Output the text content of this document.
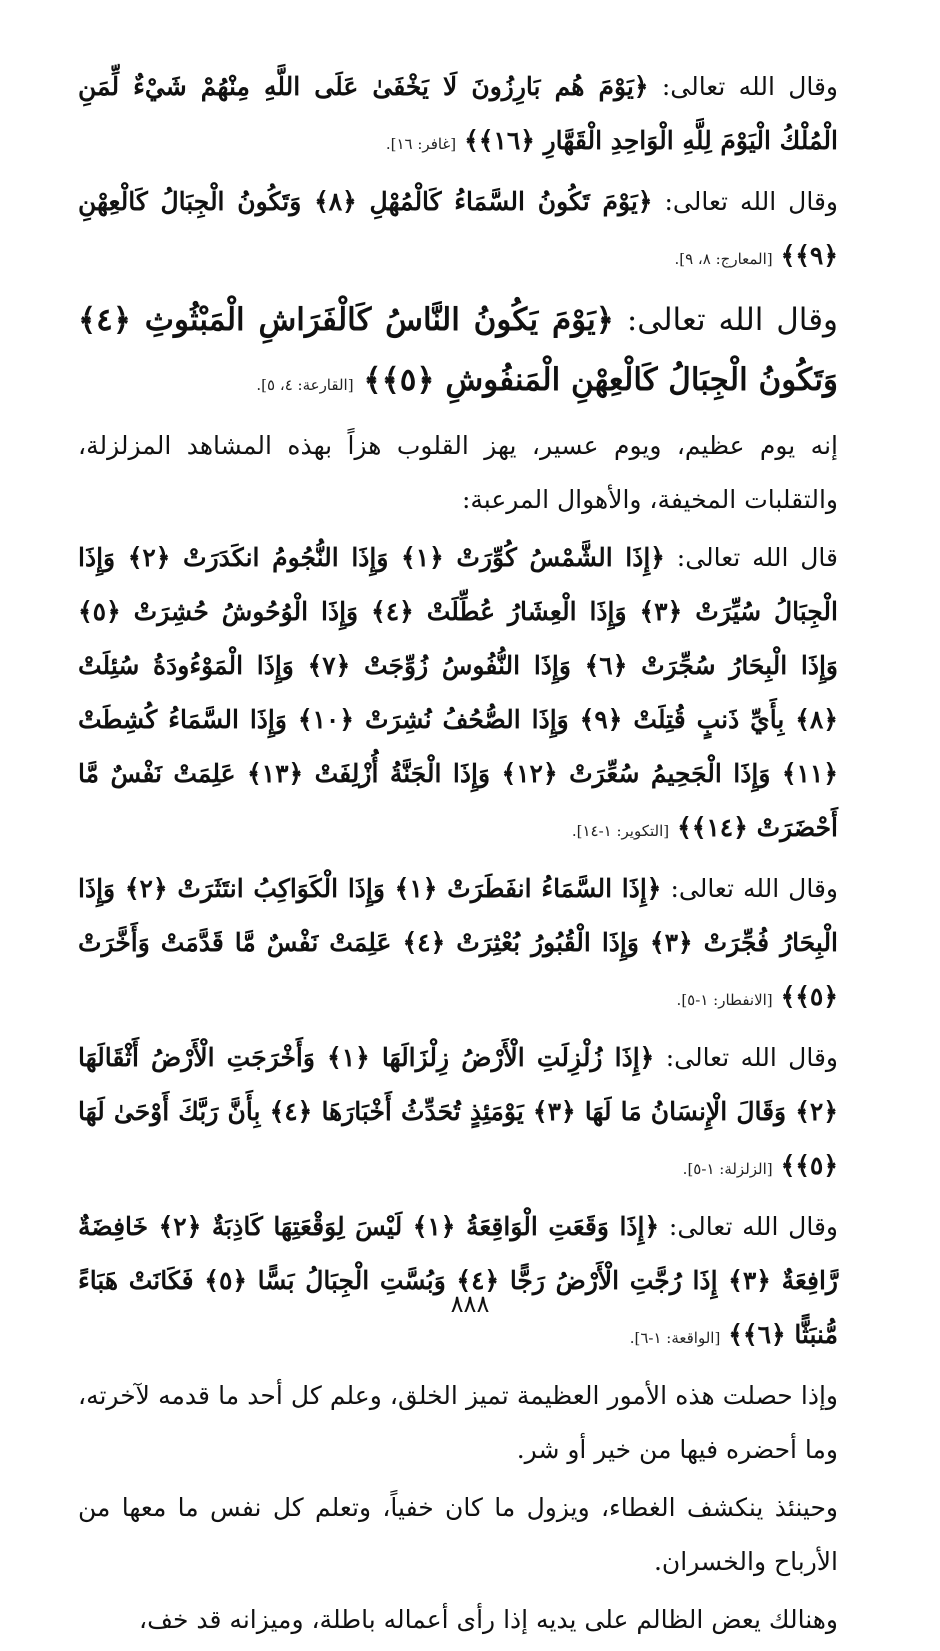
وقال الله تعالى: ﴿يَوْمَ هُم بَارِزُونَ لَا يَخْفَىٰ عَلَى اللَّهِ مِنْهُمْ شَيْءٌ لِّمَنِ الْمُلْكُ الْيَوْمَ لِلَّهِ الْوَاحِدِ الْقَهَّارِ ﴿١٦﴾﴾ [غافر: ١٦].

وقال الله تعالى: ﴿يَوْمَ تَكُونُ السَّمَاءُ كَالْمُهْلِ ﴿٨﴾ وَتَكُونُ الْجِبَالُ كَالْعِهْنِ ﴿٩﴾﴾ [المعارج: ٨، ٩].

وقال الله تعالى: ﴿يَوْمَ يَكُونُ النَّاسُ كَالْفَرَاشِ الْمَبْثُوثِ ﴿٤﴾ وَتَكُونُ الْجِبَالُ كَالْعِهْنِ الْمَنفُوشِ ﴿٥﴾﴾ [القارعة: ٤، ٥].

إنه يوم عظيم، ويوم عسير، يهز القلوب هزاً بهذه المشاهد المزلزلة، والتقلبات المخيفة، والأهوال المرعبة:

قال الله تعالى: ﴿إِذَا الشَّمْسُ كُوِّرَتْ ﴿١﴾ وَإِذَا النُّجُومُ انكَدَرَتْ ﴿٢﴾ وَإِذَا الْجِبَالُ سُيِّرَتْ ﴿٣﴾ وَإِذَا الْعِشَارُ عُطِّلَتْ ﴿٤﴾ وَإِذَا الْوُحُوشُ حُشِرَتْ ﴿٥﴾ وَإِذَا الْبِحَارُ سُجِّرَتْ ﴿٦﴾ وَإِذَا النُّفُوسُ زُوِّجَتْ ﴿٧﴾ وَإِذَا الْمَوْءُودَةُ سُئِلَتْ ﴿٨﴾ بِأَيِّ ذَنبٍ قُتِلَتْ ﴿٩﴾ وَإِذَا الصُّحُفُ نُشِرَتْ ﴿١٠﴾ وَإِذَا السَّمَاءُ كُشِطَتْ ﴿١١﴾ وَإِذَا الْجَحِيمُ سُعِّرَتْ ﴿١٢﴾ وَإِذَا الْجَنَّةُ أُزْلِفَتْ ﴿١٣﴾ عَلِمَتْ نَفْسٌ مَّا أَحْضَرَتْ ﴿١٤﴾﴾ [التكوير: ١-١٤].

وقال الله تعالى: ﴿إِذَا السَّمَاءُ انفَطَرَتْ ﴿١﴾ وَإِذَا الْكَوَاكِبُ انتَثَرَتْ ﴿٢﴾ وَإِذَا الْبِحَارُ فُجِّرَتْ ﴿٣﴾ وَإِذَا الْقُبُورُ بُعْثِرَتْ ﴿٤﴾ عَلِمَتْ نَفْسٌ مَّا قَدَّمَتْ وَأَخَّرَتْ ﴿٥﴾﴾ [الانفطار: ١-٥].

وقال الله تعالى: ﴿إِذَا زُلْزِلَتِ الْأَرْضُ زِلْزَالَهَا ﴿١﴾ وَأَخْرَجَتِ الْأَرْضُ أَثْقَالَهَا ﴿٢﴾ وَقَالَ الْإِنسَانُ مَا لَهَا ﴿٣﴾ يَوْمَئِذٍ تُحَدِّثُ أَخْبَارَهَا ﴿٤﴾ بِأَنَّ رَبَّكَ أَوْحَىٰ لَهَا ﴿٥﴾﴾ [الزلزلة: ١-٥].

وقال الله تعالى: ﴿إِذَا وَقَعَتِ الْوَاقِعَةُ ﴿١﴾ لَيْسَ لِوَقْعَتِهَا كَاذِبَةٌ ﴿٢﴾ خَافِضَةٌ رَّافِعَةٌ ﴿٣﴾ إِذَا رُجَّتِ الْأَرْضُ رَجًّا ﴿٤﴾ وَبُسَّتِ الْجِبَالُ بَسًّا ﴿٥﴾ فَكَانَتْ هَبَاءً مُّنبَثًّا ﴿٦﴾﴾ [الواقعة: ١-٦].

وإذا حصلت هذه الأمور العظيمة تميز الخلق، وعلم كل أحد ما قدمه لآخرته، وما أحضره فيها من خير أو شر.

وحينئذ ينكشف الغطاء، ويزول ما كان خفياً، وتعلم كل نفس ما معها من الأرباح والخسران.

وهنالك يعض الظالم على يديه إذا رأى أعماله باطلة، وميزانه قد خف،

٨٨٨
